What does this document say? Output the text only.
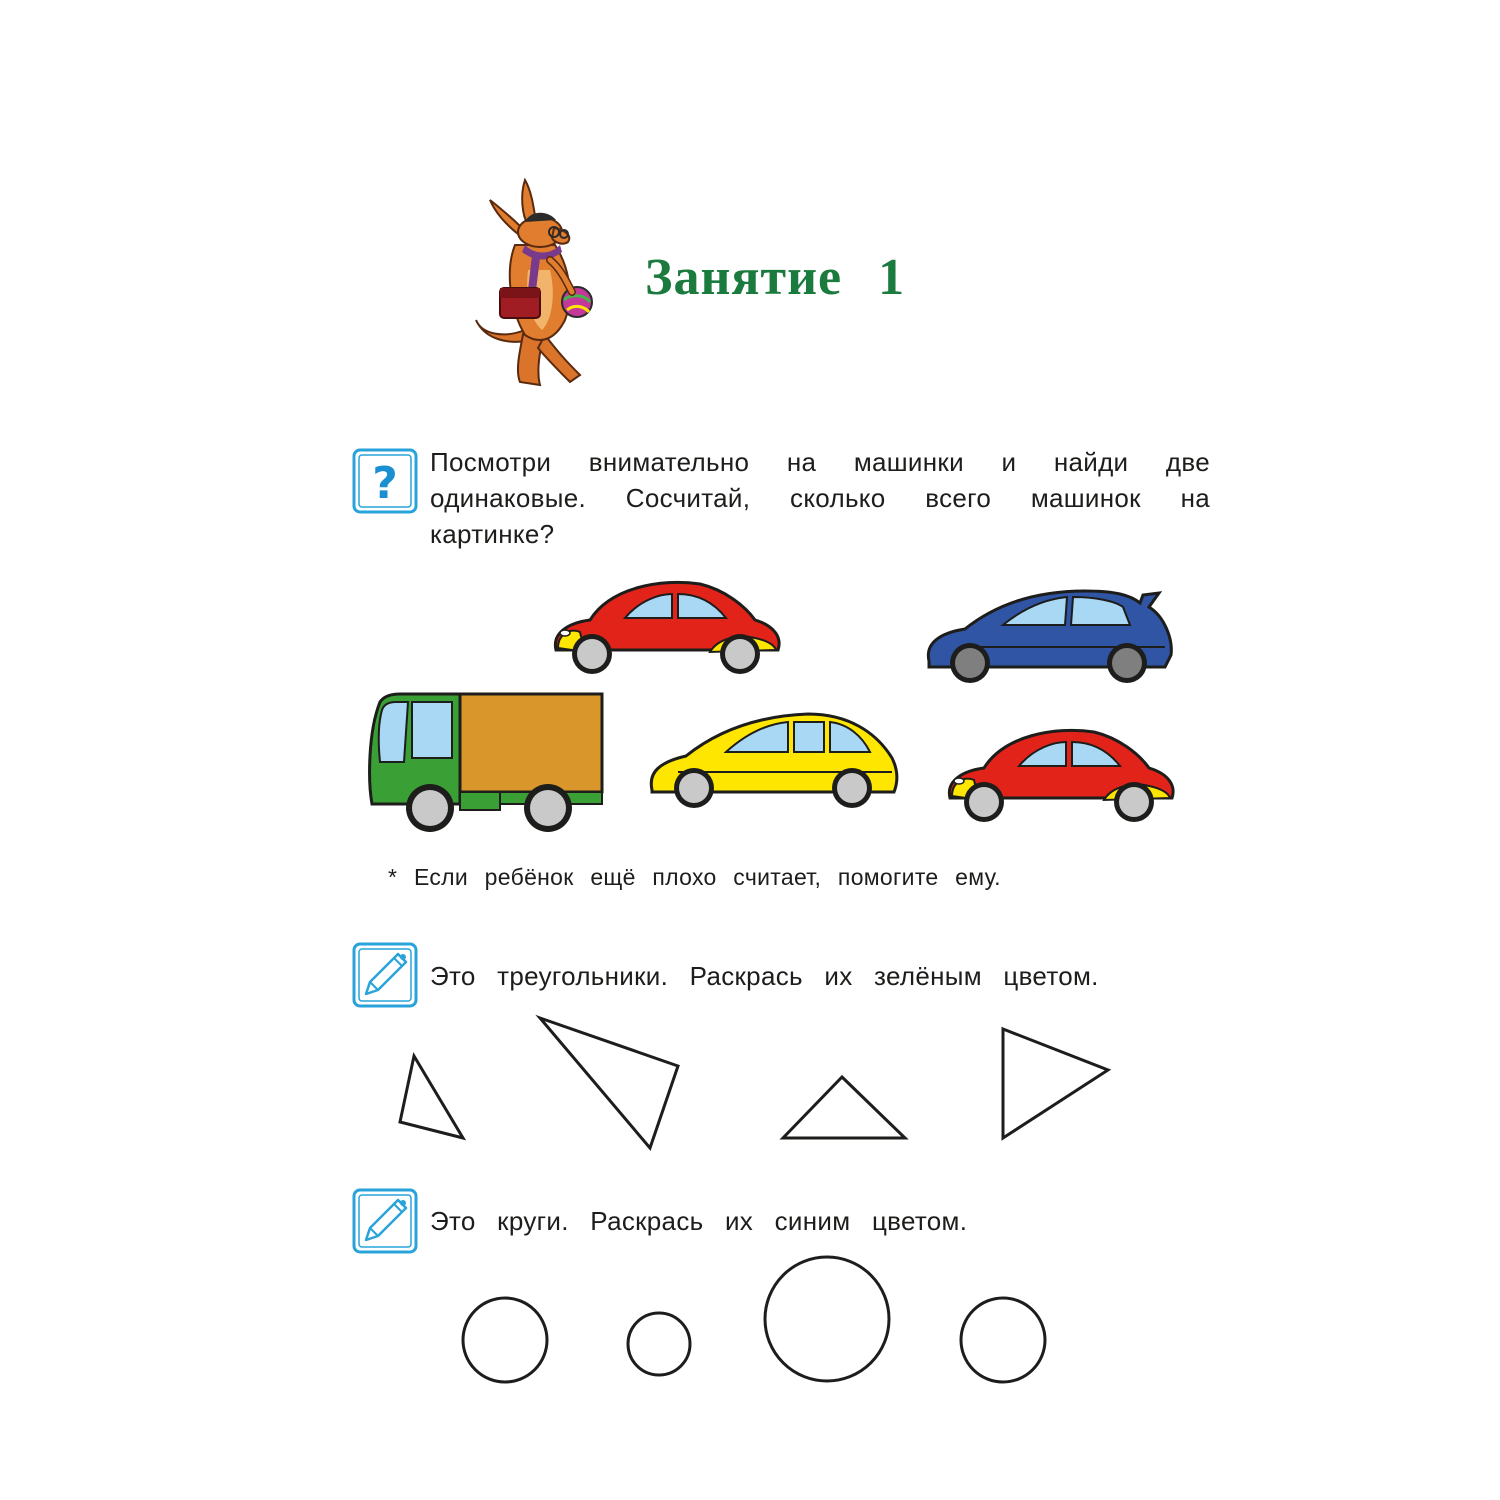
Занятие 1
? Посмотри внимательно на машинки и найди две одинаковые. Сосчитай, сколько всего машинок на картинке?
* Если ребёнок ещё плохо считает, помогите ему.
Это треугольники. Раскрась их зелёным цветом.
Это круги. Раскрась их синим цветом.
